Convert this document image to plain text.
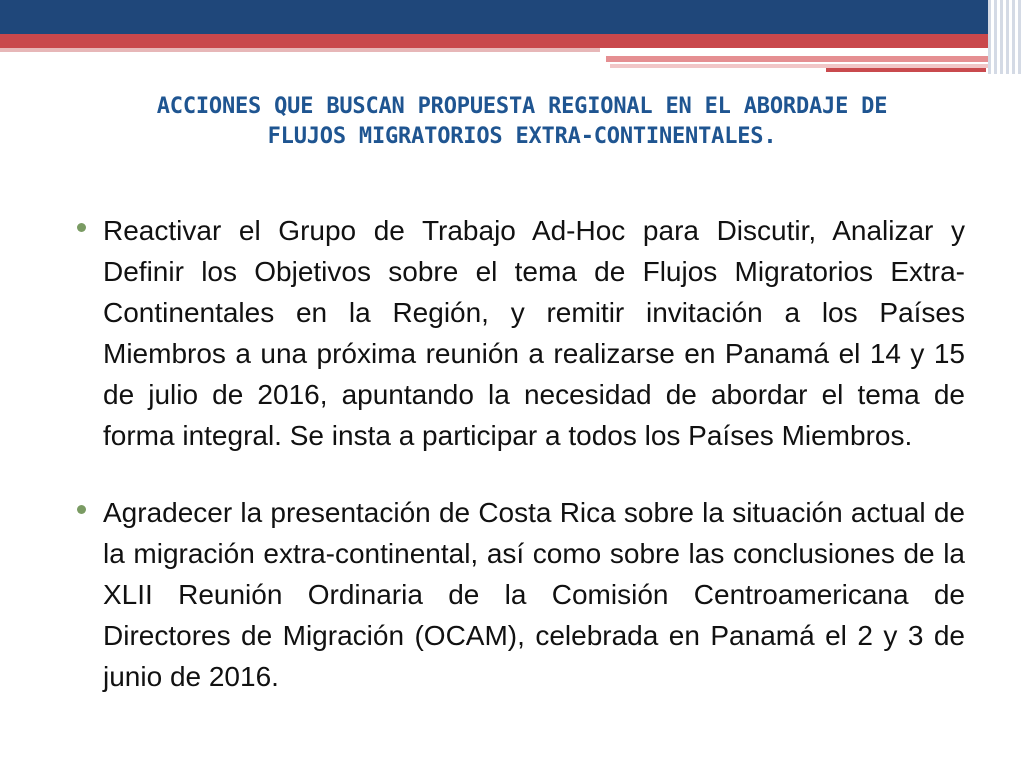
ACCIONES QUE BUSCAN PROPUESTA REGIONAL EN EL ABORDAJE DE
FLUJOS MIGRATORIOS EXTRA-CONTINENTALES.
Reactivar el Grupo de Trabajo Ad-Hoc para Discutir, Analizar y Definir los Objetivos sobre el tema de Flujos Migratorios Extra-Continentales en la Región, y remitir invitación a los Países Miembros a una próxima reunión a realizarse en Panamá el 14 y 15 de julio de 2016, apuntando la necesidad de abordar el tema de forma integral. Se insta a participar a todos los Países Miembros.
Agradecer la presentación de Costa Rica sobre la situación actual de la migración extra-continental, así como sobre las conclusiones de la XLII Reunión Ordinaria de la Comisión Centroamericana de Directores de Migración (OCAM), celebrada en Panamá el 2 y 3 de junio de 2016.
